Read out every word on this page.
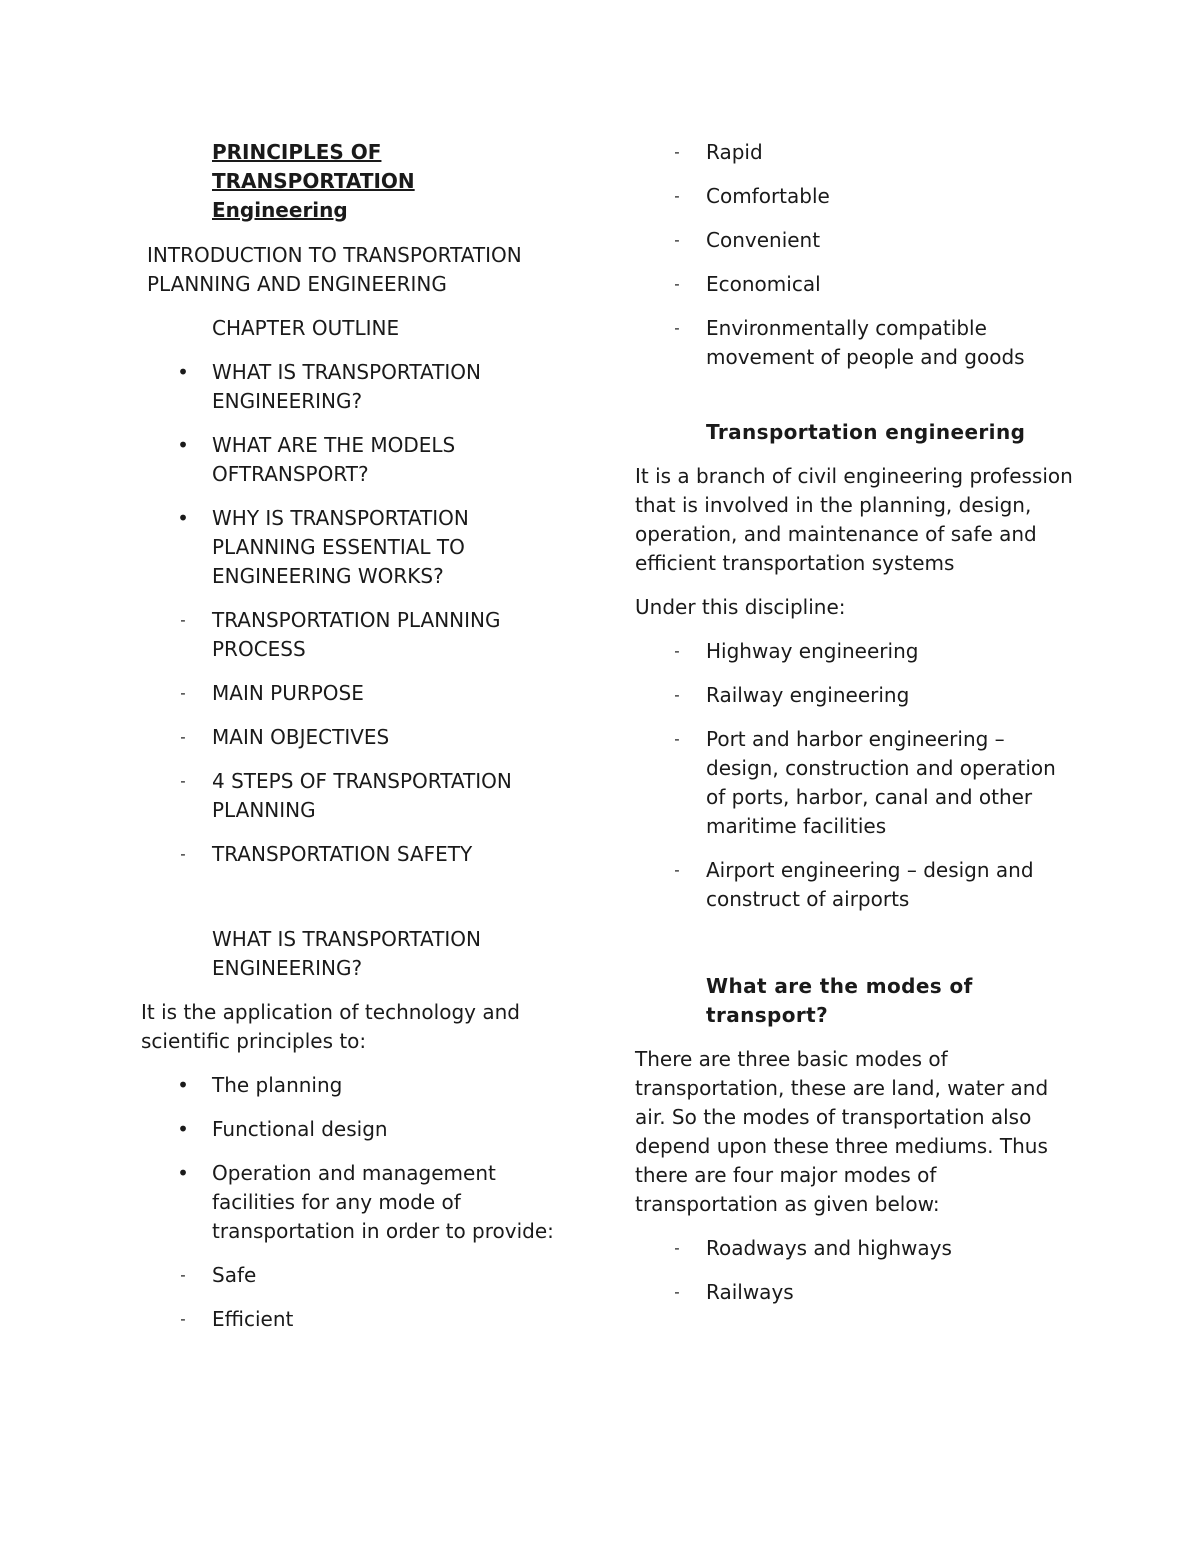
PRINCIPLES OF

TRANSPORTATION

Engineering

INTRODUCTION TO TRANSPORTATION PLANNING AND ENGINEERING

CHAPTER OUTLINE

• WHAT IS TRANSPORTATION ENGINEERING?
• WHAT ARE THE MODELS OFTRANSPORT?
• WHY IS TRANSPORTATION PLANNING ESSENTIAL TO ENGINEERING WORKS?
- TRANSPORTATION PLANNING PROCESS
- MAIN PURPOSE
- MAIN OBJECTIVES
- 4 STEPS OF TRANSPORTATION PLANNING
- TRANSPORTATION SAFETY

WHAT IS TRANSPORTATION ENGINEERING?

It is the application of technology and scientific principles to:

• The planning
• Functional design
• Operation and management facilities for any mode of transportation in order to provide:
- Safe
- Efficient
- Rapid
- Comfortable
- Convenient
- Economical
- Environmentally compatible movement of people and goods

Transportation engineering

It is a branch of civil engineering profession that is involved in the planning, design, operation, and maintenance of safe and efficient transportation systems

Under this discipline:

- Highway engineering
- Railway engineering
- Port and harbor engineering – design, construction and operation of ports, harbor, canal and other maritime facilities
- Airport engineering – design and construct of airports

What are the modes of transport?

There are three basic modes of transportation, these are land, water and air. So the modes of transportation also depend upon these three mediums. Thus there are four major modes of transportation as given below:

- Roadways and highways
- Railways
